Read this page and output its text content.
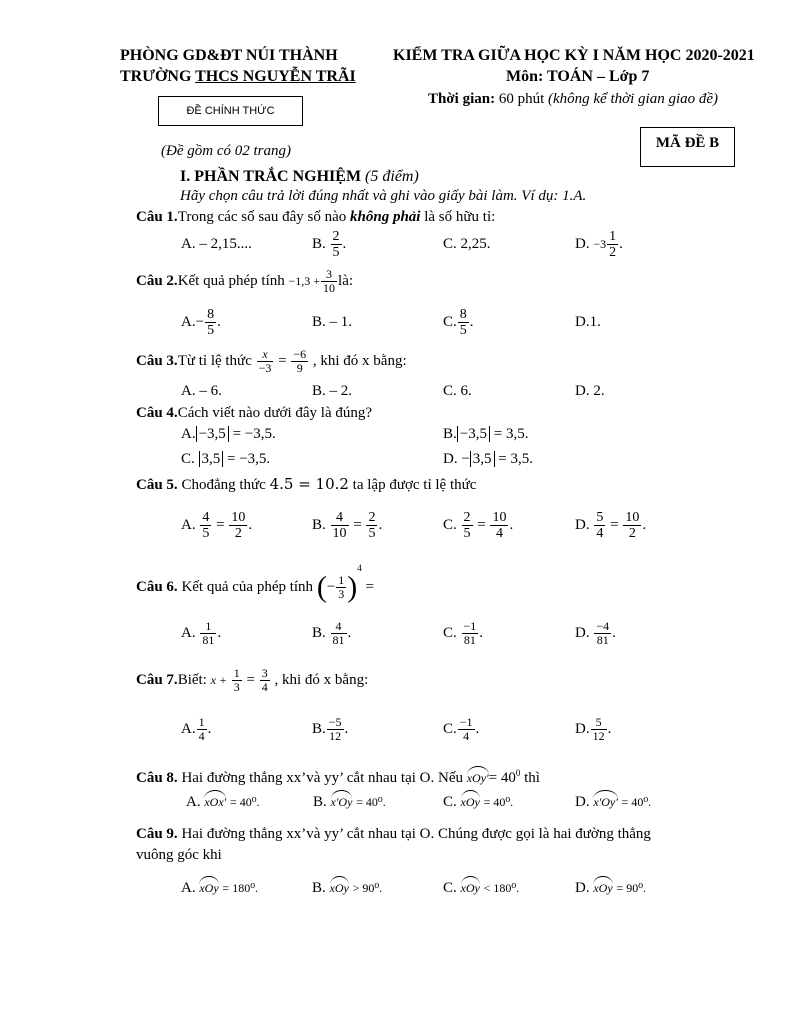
PHÒNG GD&ĐT NÚI THÀNH
TRƯỜNG THCS NGUYỄN TRÃI
ĐỀ CHÍNH THỨC
(Đề gồm có 02 trang)
KIỂM TRA GIỮA HỌC KỲ I NĂM HỌC 2020-2021
Môn: TOÁN – Lớp 7
Thời gian: 60 phút (không kể thời gian giao đề)
MÃ ĐỀ B
I. PHẦN TRẮC NGHIỆM (5 điểm)
Hãy chọn câu trả lời đúng nhất và ghi vào giấy bài làm. Ví dụ: 1.A.
Câu 1.Trong các số sau đây số nào không phải là số hữu tỉ:
A. – 2,15....	B. $\frac{2}{5}$ .	C. 2,25.	D. $-3 \frac{1}{2}$ .
Câu 2.Kết quả phép tính $-1,3 + \frac{3}{10}$ là:
$A.- \frac{8}{5}$ .	B. – 1.	C. $\frac{8}{5}$ .	D.1.
Câu 3.Từ tỉ lệ thức $\frac{x}{-3} = \frac{-6}{9}$ , khi đó x bằng:
A. – 6.	B. – 2.	C. 6.	D. 2.
Câu 4.Cách viết nào dưới đây là đúng?
A. −3,5 = −3,5.	B. −3,5 = 3,5.
C. 3,5 = −3,5.	D. − 3,5 = 3,5.
Câu 5. Chođẳng thức 4.5 = 10.2 ta lập được tỉ lệ thức
A. $\frac{4}{5} = \frac{10}{2}$ .	B. $\frac{4}{10} = \frac{2}{5}$ .	C. $\frac{2}{5} = \frac{10}{4}$ .	D. $\frac{5}{4} = \frac{10}{2}$ .
Câu 6. Kết quả của phép tính (− $\frac{1}{3} )^4$ =
A. $\frac{1}{81}$ .	B. $\frac{4}{81}$ .	C. $\frac{-1}{81}$ .	D. $\frac{-4}{81}$ .
Câu 7.Biết: $x + \frac{1}{3} = \frac{3}{4}$ , khi đó x bằng:
A. $\frac{1}{4}$ .	B. $\frac{-5}{12}$ .	C. $\frac{-1}{4}$ .	D. $\frac{5}{12}$ .
Câu 8. Hai đường thẳng xx’và yy’ cắt nhau tại O. Nếu $xOy'= 40^0$ thì
A. xOx' = 40⁰.	B. x'Oy = 40⁰.	C. xOy = 40⁰.	D. x'Oy' = 40⁰.
Câu 9. Hai đường thẳng xx’và yy’ cắt nhau tại O. Chúng được gọi là hai đường thẳng
vuông góc khi
A. xOy = 180⁰.	B. xOy > 90⁰.	C. xOy < 180⁰.	D. xOy = 90⁰.
